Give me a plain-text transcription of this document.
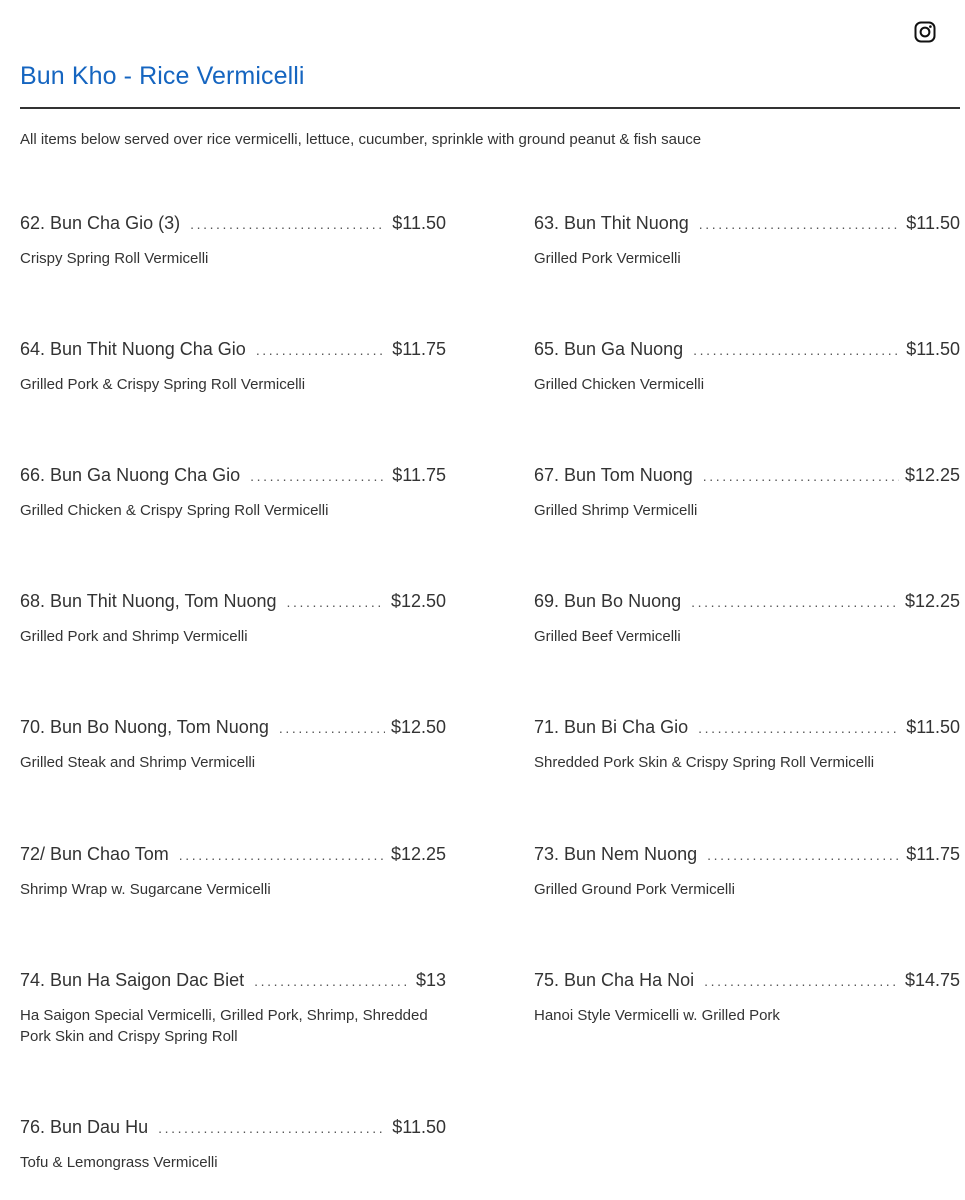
Bun Kho - Rice Vermicelli

All items below served over rice vermicelli, lettuce, cucumber, sprinkle with ground peanut & fish sauce

62. Bun Cha Gio (3) .....	$11.50

Crispy Spring Roll Vermicelli

64. Bun Thit Nuong Cha Gio .....	$11.75

Grilled Pork & Crispy Spring Roll Vermicelli

66. Bun Ga Nuong Cha Gio .....	$11.75

Grilled Chicken & Crispy Spring Roll Vermicelli

68. Bun Thit Nuong, Tom Nuong .....	$12.50

Grilled Pork and Shrimp Vermicelli

70. Bun Bo Nuong, Tom Nuong .....	$12.50

Grilled Steak and Shrimp Vermicelli

72/ Bun Chao Tom .....	$12.25

Shrimp Wrap w. Sugarcane Vermicelli

74. Bun Ha Saigon Dac Biet .....	$13

Ha Saigon Special Vermicelli, Grilled Pork, Shrimp, Shredded Pork Skin and Crispy Spring Roll

76. Bun Dau Hu .....	$11.50

Tofu & Lemongrass Vermicelli

63. Bun Thit Nuong .....	$11.50

Grilled Pork Vermicelli

65. Bun Ga Nuong .....	$11.50

Grilled Chicken Vermicelli

67. Bun Tom Nuong .....	$12.25

Grilled Shrimp Vermicelli

69. Bun Bo Nuong .....	$12.25

Grilled Beef Vermicelli

71. Bun Bi Cha Gio .....	$11.50

Shredded Pork Skin & Crispy Spring Roll Vermicelli

73. Bun Nem Nuong .....	$11.75

Grilled Ground Pork Vermicelli

75. Bun Cha Ha Noi .....	$14.75

Hanoi Style Vermicelli w. Grilled Pork
